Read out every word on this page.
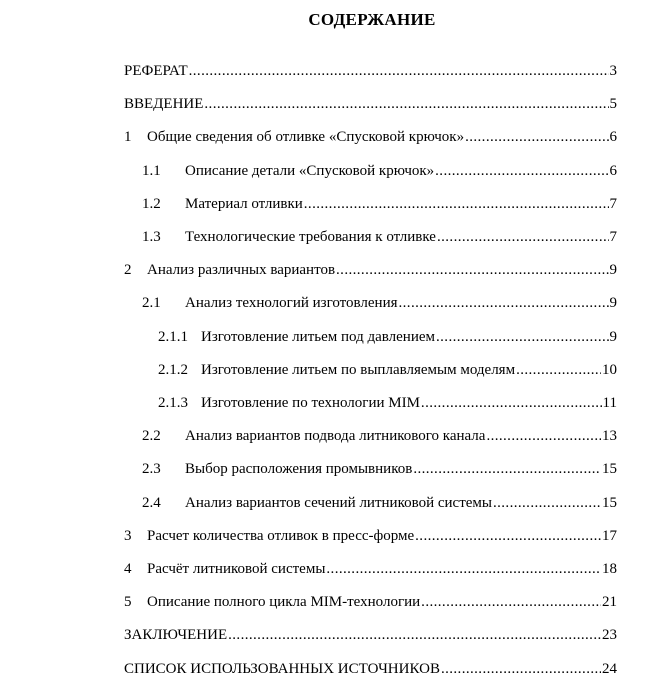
СОДЕРЖАНИЕ
РЕФЕРАТ .....	3
ВВЕДЕНИЕ .....	5
1	Общие сведения об отливке «Спусковой крючок» .....	6
1.1	Описание детали «Спусковой крючок» .....	6
1.2	Материал отливки .....	7
1.3	Технологические требования к отливке .....	7
2	Анализ различных вариантов .....	9
2.1	Анализ технологий изготовления .....	9
2.1.1 Изготовление литьем под давлением .....	9
2.1.2 Изготовление литьем по выплавляемым моделям .....	10
2.1.3 Изготовление по технологии MIM .....	11
2.2	Анализ вариантов подвода литникового канала .....	13
2.3	Выбор расположения промывников .....	15
2.4	Анализ вариантов сечений литниковой системы .....	15
3	Расчет количества отливок в пресс-форме .....	17
4	Расчёт литниковой системы .....	18
5	Описание полного цикла MIM-технологии .....	21
ЗАКЛЮЧЕНИЕ .....	23
СПИСОК ИСПОЛЬЗОВАННЫХ ИСТОЧНИКОВ .....	24
